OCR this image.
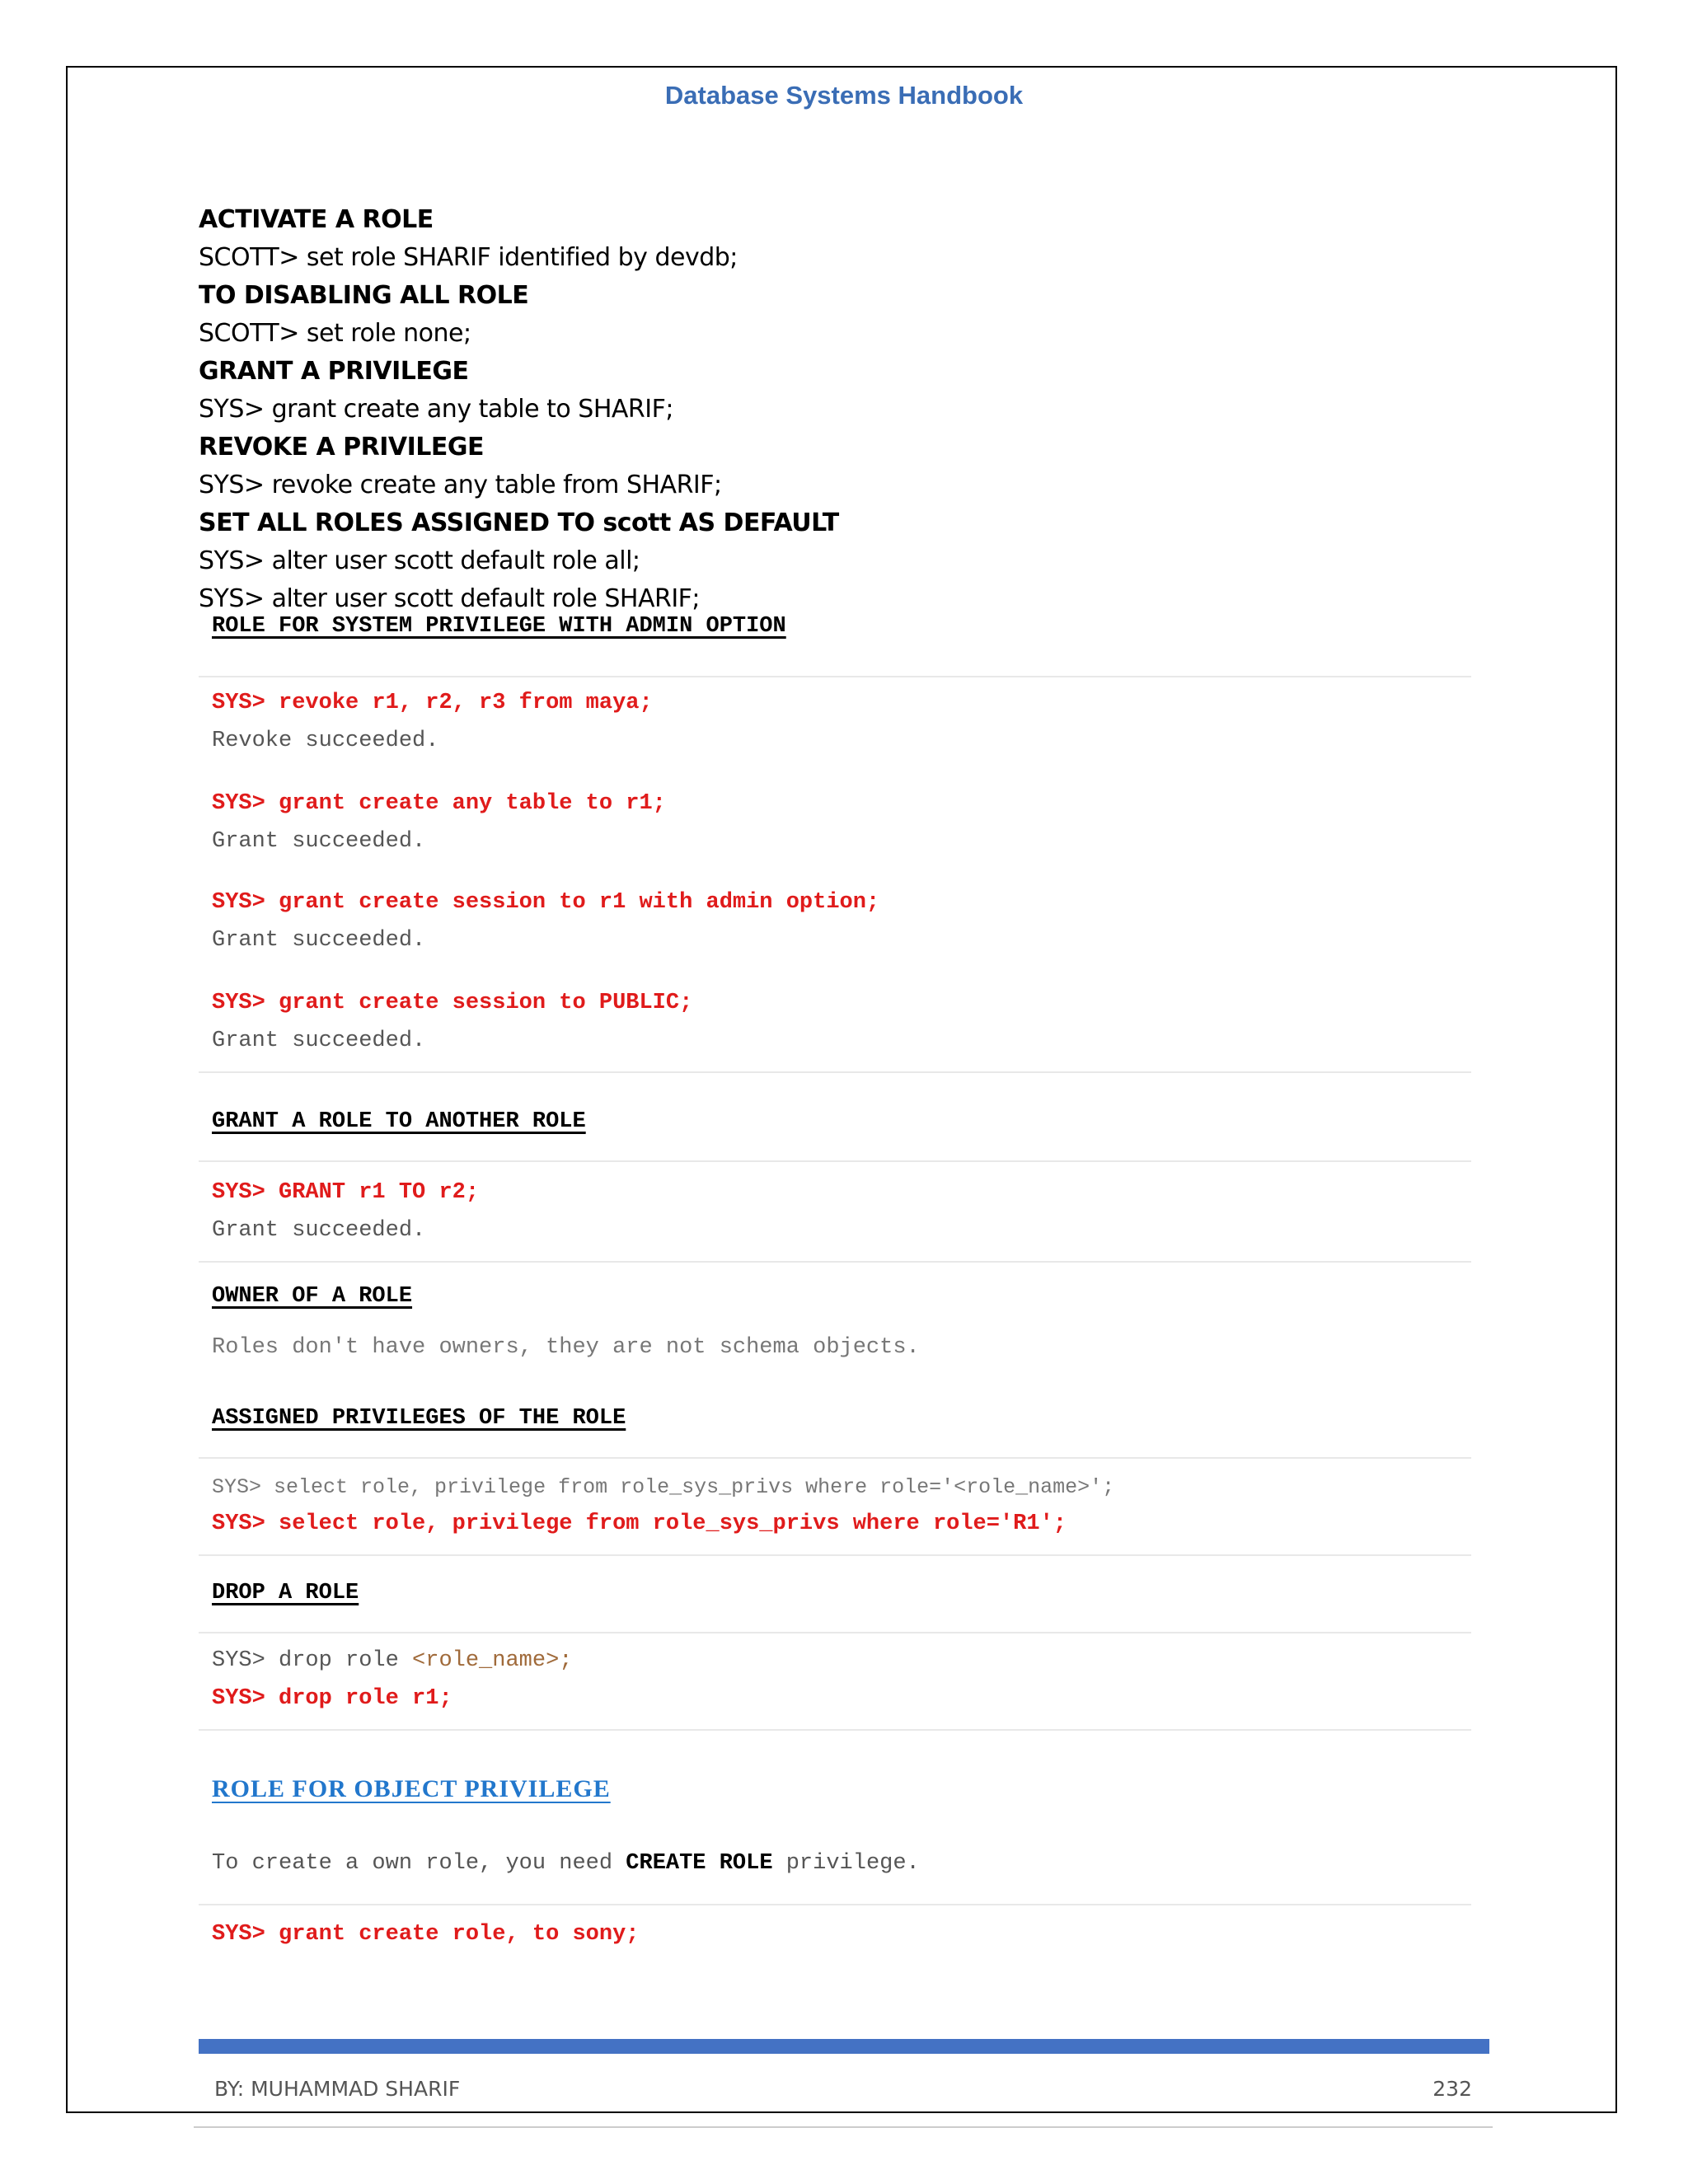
Database Systems Handbook
ACTIVATE A ROLE
SCOTT> set role SHARIF identified by devdb;
TO DISABLING ALL ROLE
SCOTT> set role none;
GRANT A PRIVILEGE
SYS> grant create any table to SHARIF;
REVOKE A PRIVILEGE
SYS> revoke create any table from SHARIF;
SET ALL ROLES ASSIGNED TO scott AS DEFAULT
SYS> alter user scott default role all;
SYS> alter user scott default role SHARIF;
ROLE FOR SYSTEM PRIVILEGE WITH ADMIN OPTION
SYS> revoke r1, r2, r3 from maya;
Revoke succeeded.
SYS> grant create any table to r1;
Grant succeeded.
SYS> grant create session to r1 with admin option;
Grant succeeded.
SYS> grant create session to PUBLIC;
Grant succeeded.
GRANT A ROLE TO ANOTHER ROLE
SYS> GRANT r1 TO r2;
Grant succeeded.
OWNER OF A ROLE
Roles don't have owners, they are not schema objects.
ASSIGNED PRIVILEGES OF THE ROLE
SYS> select role, privilege from role_sys_privs where role='<role_name>';
SYS> select role, privilege from role_sys_privs where role='R1';
DROP A ROLE
SYS> drop role <role_name>;
SYS> drop role r1;
ROLE FOR OBJECT PRIVILEGE
To create a own role, you need CREATE ROLE privilege.
SYS> grant create role, to sony;
BY: MUHAMMAD SHARIF	232
